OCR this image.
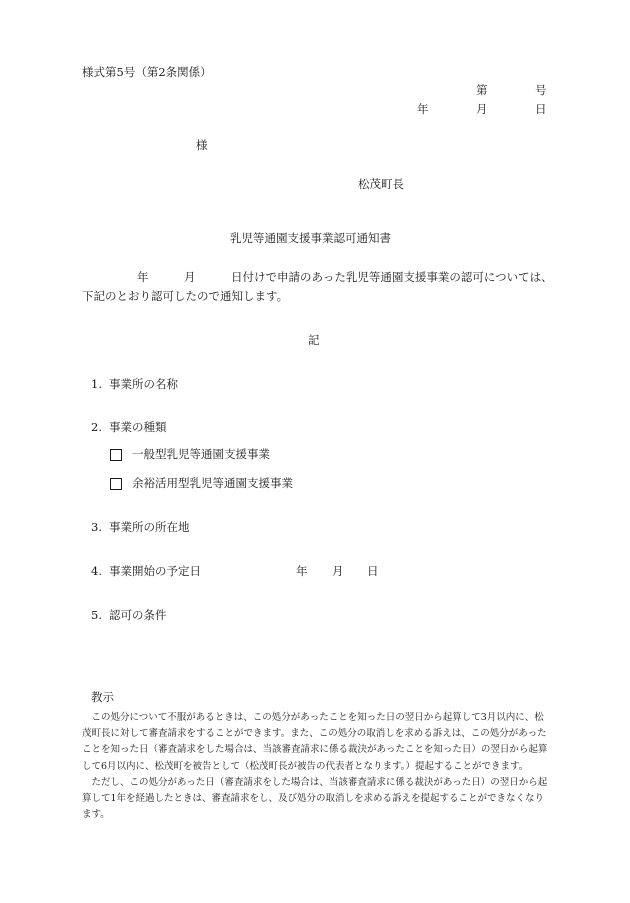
様式第5号（第2条関係）
第	号
年	月	日
様
松茂町長
乳児等通園支援事業認可通知書
年	月	日付けで申請のあった乳児等通園支援事業の認可については、
下記のとおり認可したので通知します。
記
1. 事業所の名称
2. 事業の種類
一般型乳児等通園支援事業
余裕活用型乳児等通園支援事業
3. 事業所の所在地
4. 事業開始の予定日	年 月 日
5. 認可の条件
教示

この処分について不服があるときは、この処分があったことを知った日の翌日から起算して3月以内に、松茂町長に対して審査請求をすることができます。また、この処分の取消しを求める訴えは、この処分があったことを知った日（審査請求をした場合は、当該審査請求に係る裁決があったことを知った日）の翌日から起算して6月以内に、松茂町を被告として（松茂町長が被告の代表者となります。）提起することができます。

ただし、この処分があった日（審査請求をした場合は、当該審査請求に係る裁決があった日）の翌日から起算して1年を経過したときは、審査請求をし、及び処分の取消しを求める訴えを提起することができなくなります。
